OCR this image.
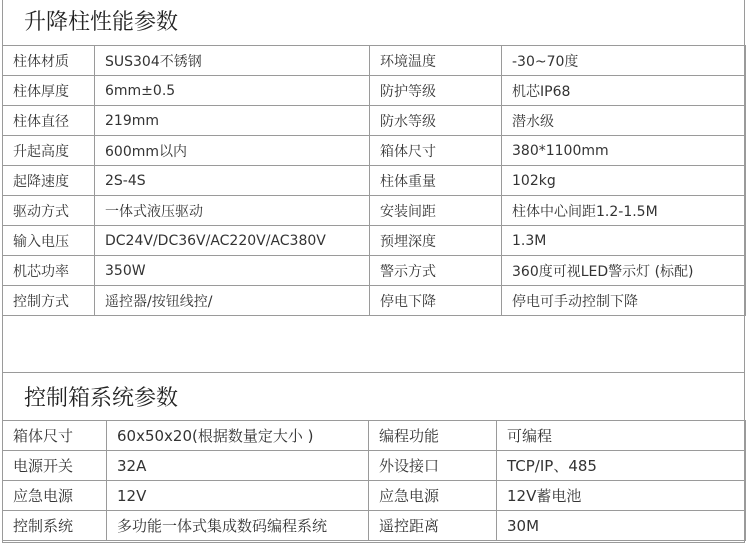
升降柱性能参数
柱体材质	SUS304不锈钢	环境温度	-30~70度
柱体厚度	6mm±0.5	防护等级	机芯IP68
柱体直径	219mm	防水等级	潜水级
升起高度	600mm以内	箱体尺寸	380*1100mm
起降速度	2S-4S	柱体重量	102kg
驱动方式	一体式液压驱动	安装间距	柱体中心间距1.2-1.5M
输入电压	DC24V/DC36V/AC220V/AC380V	预埋深度	1.3M
机芯功率	350W	警示方式	360度可视LED警示灯 (标配)
控制方式	遥控器/按钮线控/	停电下降	停电可手动控制下降
控制箱系统参数
箱体尺寸	60x50x20(根据数量定大小 )	编程功能	可编程
电源开关	32A	外设接口	TCP/IP、485
应急电源	12V	应急电源	12V蓄电池
控制系统	多功能一体式集成数码编程系统	遥控距离	30M
